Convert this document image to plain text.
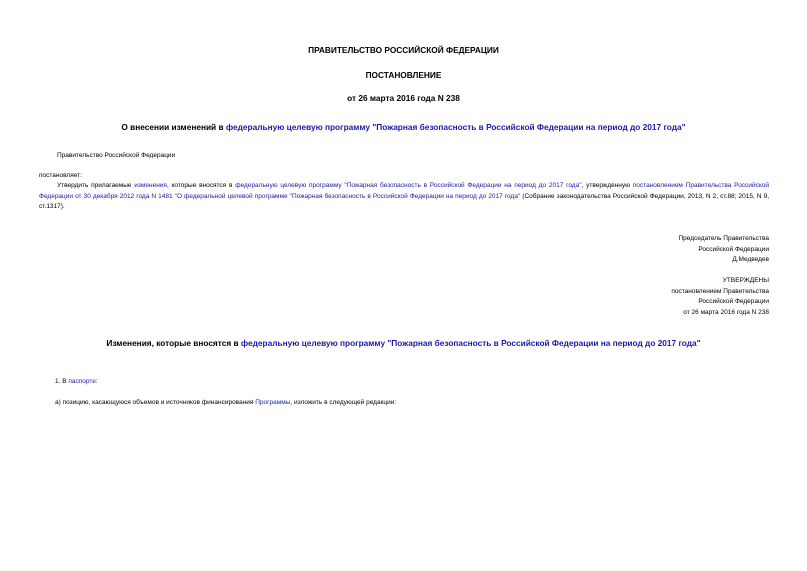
ПРАВИТЕЛЬСТВО РОССИЙСКОЙ ФЕДЕРАЦИИ
ПОСТАНОВЛЕНИЕ
от 26 марта 2016 года N 238
О внесении изменений в федеральную целевую программу "Пожарная безопасность в Российской Федерации на период до 2017 года"
Правительство Российской Федерации
постановляет:
Утвердить прилагаемые изменения, которые вносятся в федеральную целевую программу "Пожарная безопасность в Российской Федерации на период до 2017 года", утвержденную постановлением Правительства Российской Федерации от 30 декабря 2012 года N 1481 "О федеральной целевой программе "Пожарная безопасность в Российской Федерации на период до 2017 года" (Собрание законодательства Российской Федерации, 2013, N 2, ст.88; 2015, N 9, ст.1317).
Председатель Правительства
Российской Федерации
Д.Медведев
УТВЕРЖДЕНЫ
постановлением Правительства
Российской Федерации
от 26 марта 2016 года N 238
Изменения, которые вносятся в федеральную целевую программу "Пожарная безопасность в Российской Федерации на период до 2017 года"
1. В паспорте:
а) позицию, касающуюся объемов и источников финансирования Программы, изложить в следующей редакции:
